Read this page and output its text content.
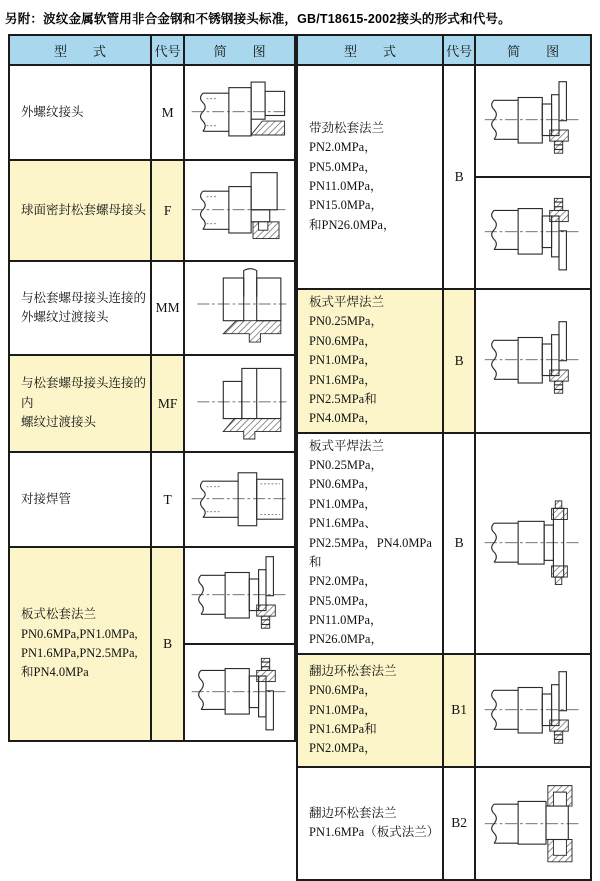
另附：波纹金属软管用非合金钢和不锈钢接头标准，GB/T18615-2002接头的形式和代号。
型　　式	代号	简　　图

外螺纹接头	M	

球面密封松套螺母接头	F	

与松套螺母接头连接的
外螺纹过渡接头	MM	

与松套螺母接头连接的内
螺纹过渡接头	MF	

对接焊管	T	

板式松套法兰
PN0.6MPa,PN1.0MPa,
PN1.6MPa,PN2.5MPa,
和PN4.0MPa	B	

型　　式	代号	简　　图

带劲松套法兰
PN2.0MPa，PN5.0MPa，
PN11.0MPa，PN15.0MPa，
和PN26.0MPa，	B	

板式平焊法兰
PN0.25MPa，PN0.6MPa，
PN1.0MPa，PN1.6MPa，
PN2.5MPa和PN4.0MPa，	B	

板式平焊法兰
PN0.25MPa，PN0.6MPa，
PN1.0MPa，PN1.6MPa、
PN2.5MPa，PN4.0MPa 和
PN2.0MPa，PN5.0MPa，
PN11.0MPa，PN26.0MPa，
	B	

翻边环松套法兰
PN0.6MPa，PN1.0MPa，
PN1.6MPa和PN2.0MPa，	B1	

翻边环松套法兰
PN1.6MPa（板式法兰）	B2	
